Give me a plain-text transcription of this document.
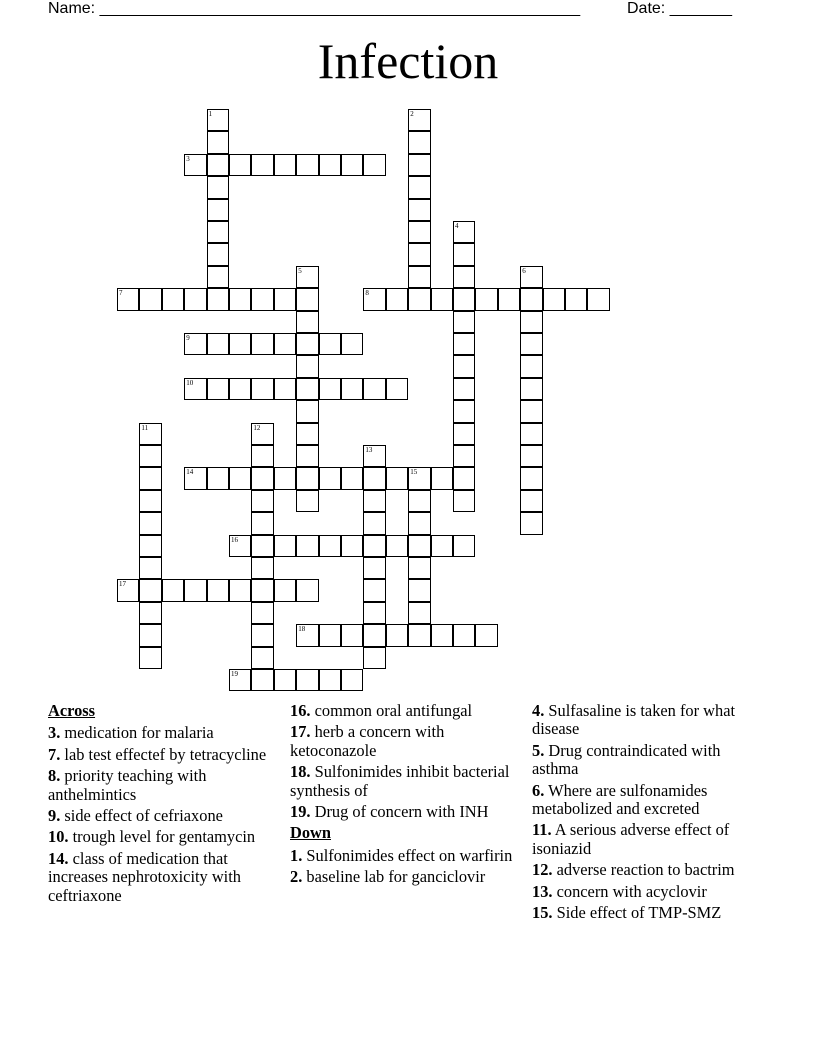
Name: ______________________________________________________	Date: _______
Infection
1	2
3
4
5	6
7	8
9
10
11	12
13
14	15
16
17
18
19
Across
3. medication for malaria
7. lab test effectef by tetracycline
8. priority teaching with anthelmintics
9. side effect of cefriaxone
10. trough level for gentamycin
14. class of medication that increases nephrotoxicity with ceftriaxone
16. common oral antifungal
17. herb a concern with ketoconazole
18. Sulfonimides inhibit bacterial synthesis of
19. Drug of concern with INH
Down
1. Sulfonimides effect on warfirin
2. baseline lab for ganciclovir
4. Sulfasaline is taken for what disease
5. Drug contraindicated with asthma
6. Where are sulfonamides metabolized and excreted
11. A serious adverse effect of isoniazid
12. adverse reaction to bactrim
13. concern with acyclovir
15. Side effect of TMP-SMZ
